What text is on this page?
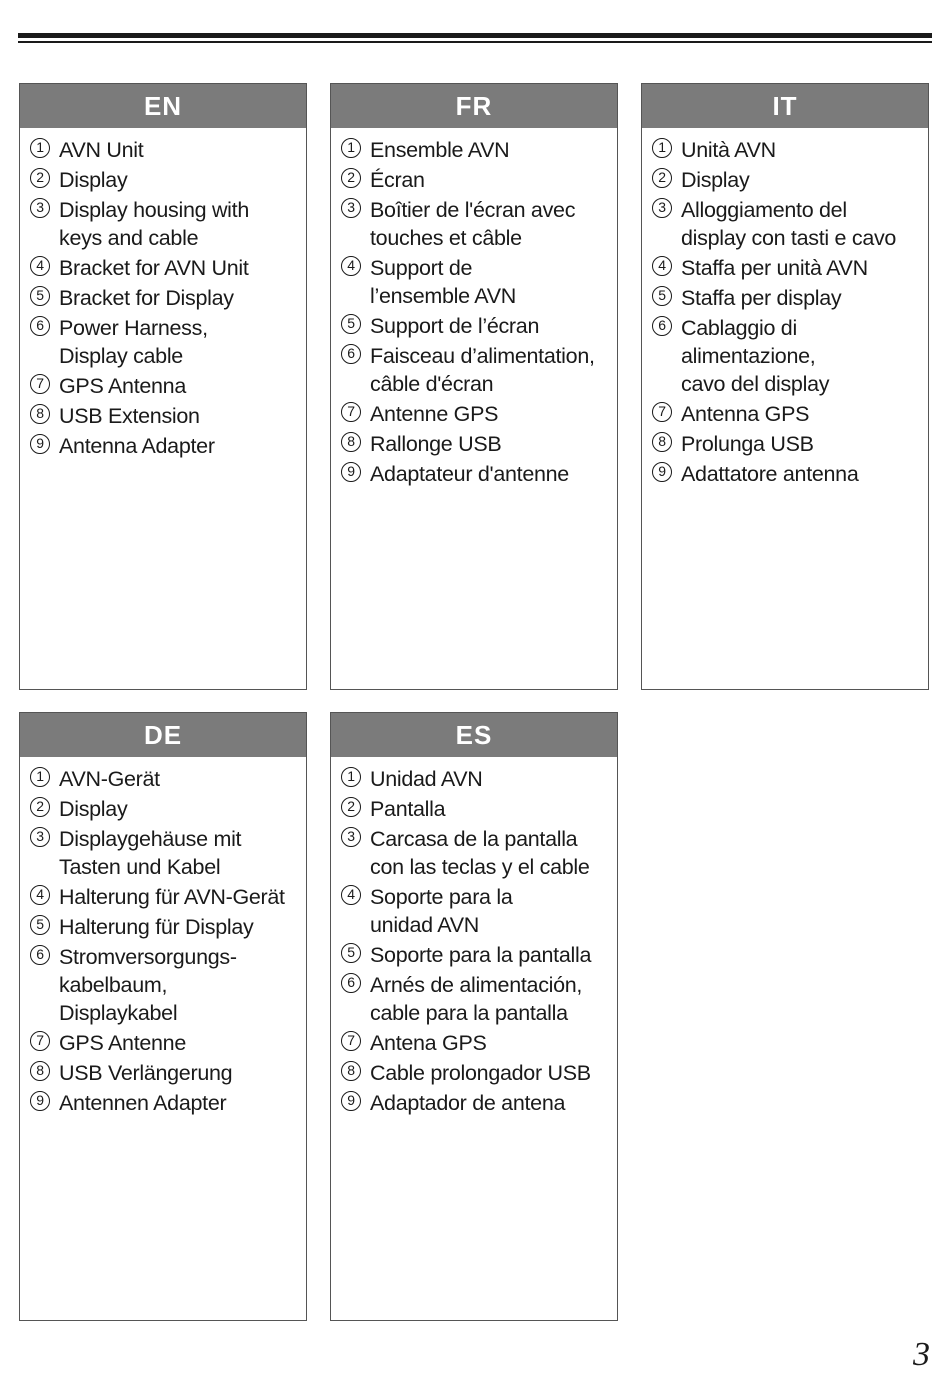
EN
1 AVN Unit
2 Display
3 Display housing with
keys and cable
4 Bracket for AVN Unit
5 Bracket for Display
6 Power Harness,
Display cable
7 GPS Antenna
8 USB Extension
9 Antenna Adapter
FR
1 Ensemble AVN
2 Écran
3 Boîtier de l'écran avec
touches et câble
4 Support de
l’ensemble AVN
5 Support de l’écran
6 Faisceau d’alimentation,
câble d'écran
7 Antenne GPS
8 Rallonge USB
9 Adaptateur d'antenne
IT
1 Unità AVN
2 Display
3 Alloggiamento del
display con tasti e cavo
4 Staffa per unità AVN
5 Staffa per display
6 Cablaggio di
alimentazione,
cavo del display
7 Antenna GPS
8 Prolunga USB
9 Adattatore antenna
DE
1 AVN-Gerät
2 Display
3 Displaygehäuse mit
Tasten und Kabel
4 Halterung für AVN-Gerät
5 Halterung für Display
6 Stromversorgungs-
kabelbaum,
Displaykabel
7 GPS Antenne
8 USB Verlängerung
9 Antennen Adapter
ES
1 Unidad AVN
2 Pantalla
3 Carcasa de la pantalla
con las teclas y el cable
4 Soporte para la
unidad AVN
5 Soporte para la pantalla
6 Arnés de alimentación,
cable para la pantalla
7 Antena GPS
8 Cable prolongador USB
9 Adaptador de antena
3
